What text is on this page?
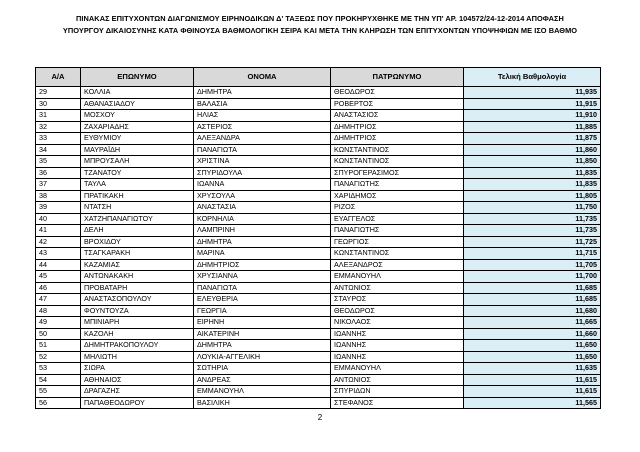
ΠΙΝΑΚΑΣ ΕΠΙΤΥΧΟΝΤΩΝ ΔΙΑΓΩΝΙΣΜΟΥ ΕΙΡΗΝΟΔΙΚΩΝ Δ' ΤΑΞΕΩΣ ΠΟΥ ΠΡΟΚΗΡΥΧΘΗΚΕ ΜΕ ΤΗΝ ΥΠ' ΑΡ. 104572/24-12-2014 ΑΠΟΦΑΣΗ
ΥΠΟΥΡΓΟΥ ΔΙΚΑΙΟΣΥΝΗΣ ΚΑΤΑ ΦΘΙΝΟΥΣΑ ΒΑΘΜΟΛΟΓΙΚΗ ΣΕΙΡΑ ΚΑΙ ΜΕΤΑ ΤΗΝ ΚΛΗΡΩΣΗ ΤΩΝ ΕΠΙΤΥΧΟΝΤΩΝ ΥΠΟΨΗΦΙΩΝ ΜΕ ΙΣΟ ΒΑΘΜΟ
Α/Α	ΕΠΩΝΥΜΟ	ΟΝΟΜΑ	ΠΑΤΡΩΝΥΜΟ	Τελική Βαθμολογία
29	ΚΟΛΛΙΑ	ΔΗΜΗΤΡΑ	ΘΕΟΔΩΡΟΣ	11,935
30	ΑΘΑΝΑΣΙΑΔΟΥ	ΒΑΛΑΣΙΑ	ΡΟΒΕΡΤΟΣ	11,915
31	ΜΟΣΧΟΥ	ΗΛΙΑΣ	ΑΝΑΣΤΑΣΙΟΣ	11,910
32	ΖΑΧΑΡΙΑΔΗΣ	ΑΣΤΕΡΙΟΣ	ΔΗΜΗΤΡΙΟΣ	11,885
33	ΕΥΘΥΜΙΟΥ	ΑΛΕΞΑΝΔΡΑ	ΔΗΜΗΤΡΙΟΣ	11,875
34	ΜΑΥΡΑΪΔΗ	ΠΑΝΑΓΙΩΤΑ	ΚΩΝΣΤΑΝΤΙΝΟΣ	11,860
35	ΜΠΡΟΥΣΑΛΗ	ΧΡΙΣΤΙΝΑ	ΚΩΝΣΤΑΝΤΙΝΟΣ	11,850
36	ΤΖΑΝΑΤΟΥ	ΣΠΥΡΙΔΟΥΛΑ	ΣΠΥΡΟΓΕΡΑΣΙΜΟΣ	11,835
37	ΤΑΥΛΑ	ΙΩΑΝΝΑ	ΠΑΝΑΓΙΩΤΗΣ	11,835
38	ΠΡΑΤΙΚΑΚΗ	ΧΡΥΣΟΥΛΑ	ΧΑΡΙΔΗΜΟΣ	11,805
39	ΝΤΑΤΣΗ	ΑΝΑΣΤΑΣΙΑ	ΡΙΖΟΣ	11,750
40	ΧΑΤΖΗΠΑΝΑΓΙΩΤΟΥ	ΚΟΡΝΗΛΙΑ	ΕΥΑΓΓΕΛΟΣ	11,735
41	ΔΕΛΗ	ΛΑΜΠΡΙΝΗ	ΠΑΝΑΓΙΩΤΗΣ	11,735
42	ΒΡΟΧΙΔΟΥ	ΔΗΜΗΤΡΑ	ΓΕΩΡΓΙΟΣ	11,725
43	ΤΣΑΓΚΑΡΑΚΗ	ΜΑΡΙΝΑ	ΚΩΝΣΤΑΝΤΙΝΟΣ	11,715
44	ΚΑΖΑΜΙΑΣ	ΔΗΜΗΤΡΙΟΣ	ΑΛΕΞΑΝΔΡΟΣ	11,705
45	ΑΝΤΩΝΑΚΑΚΗ	ΧΡΥΣΙΑΝΝΑ	ΕΜΜΑΝΟΥΗΛ	11,700
46	ΠΡΟΒΑΤΑΡΗ	ΠΑΝΑΓΙΩΤΑ	ΑΝΤΩΝΙΟΣ	11,685
47	ΑΝΑΣΤΑΣΟΠΟΥΛΟΥ	ΕΛΕΥΘΕΡΙΑ	ΣΤΑΥΡΟΣ	11,685
48	ΦΟΥΝΤΟΥΖΑ	ΓΕΩΡΓΙΑ	ΘΕΟΔΩΡΟΣ	11,680
49	ΜΠΙΝΙΑΡΗ	ΕΙΡΗΝΗ	ΝΙΚΟΛΑΟΣ	11,665
50	ΚΑΖΟΛΗ	ΑΙΚΑΤΕΡΙΝΗ	ΙΩΑΝΝΗΣ	11,660
51	ΔΗΜΗΤΡΑΚΟΠΟΥΛΟΥ	ΔΗΜΗΤΡΑ	ΙΩΑΝΝΗΣ	11,650
52	ΜΗΛΙΩΤΗ	ΛΟΥΚΙΑ-ΑΓΓΕΛΙΚΗ	ΙΩΑΝΝΗΣ	11,650
53	ΣΙΩΡΑ	ΣΩΤΗΡΙΑ	ΕΜΜΑΝΟΥΗΛ	11,635
54	ΑΘΗΝΑΙΟΣ	ΑΝΔΡΕΑΣ	ΑΝΤΩΝΙΟΣ	11,615
55	ΔΡΑΓΑΖΗΣ	ΕΜΜΑΝΟΥΗΛ	ΣΠΥΡΙΔΩΝ	11,615
56	ΠΑΠΑΘΕΟΔΩΡΟΥ	ΒΑΣΙΛΙΚΗ	ΣΤΕΦΑΝΟΣ	11,565
2
